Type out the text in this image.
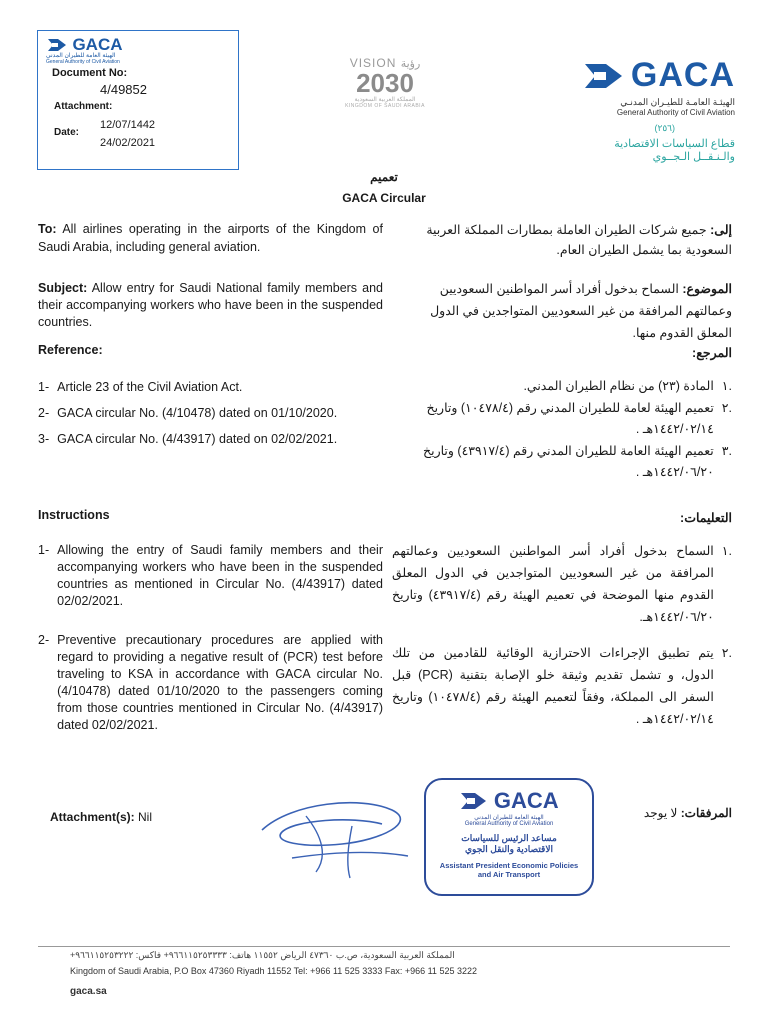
GACA
الهيئة العامة للطيران المدني
General Authority of Civil Aviation
Document No:
4/49852
Attachment:
Date:
12/07/1442
24/02/2021
VISION رؤية
2030
المملكة العربية السعودية
KINGDOM OF SAUDI ARABIA
GACA
الهيئـة العامـة للطيـران المدنـي
General Authority of Civil Aviation
(٢٥٦)
قطاع السياسات الاقتصادية
والـنـقــل الـجــوي
تعميم
GACA Circular
To: All airlines operating in the airports of the Kingdom of Saudi Arabia, including general aviation.
إلى: جميع شركات الطيران العاملة بمطارات المملكة العربية السعودية بما يشمل الطيران العام.
Subject: Allow entry for Saudi National family members and their accompanying workers who have been in the suspended countries.
الموضوع: السماح بدخول أفراد أسر المواطنين السعوديين وعمالتهم المرافقة من غير السعوديين المتواجدين في الدول المعلق القدوم منها.
Reference:	المرجع:
1- Article 23 of the Civil Aviation Act.
2- GACA circular No. (4/10478) dated on 01/10/2020.
3- GACA circular No. (4/43917) dated on 02/02/2021.
.١
المادة (٢٣) من نظام الطيران المدني.
.٢
تعميم الهيئة لعامة للطيران المدني رقم (١٠٤٧٨/٤) وتاريخ ١٤٤٢/٠٢/١٤هـ .
.٣
تعميم الهيئة العامة للطيران المدني رقم (٤٣٩١٧/٤) وتاريخ ١٤٤٢/٠٦/٢٠هـ .
Instructions	التعليمات:
1- Allowing the entry of Saudi family members and their accompanying workers who have been in the suspended countries as mentioned in Circular No. (4/43917) dated 02/02/2021.
2- Preventive precautionary procedures are applied with regard to providing a negative result of (PCR) test before traveling to KSA in accordance with GACA circular No. (4/10478) dated 01/10/2020 to the passengers coming from those countries mentioned in Circular No. (4/43917) dated 02/02/2021.
.١
السماح بدخول أفراد أسر المواطنين السعوديين وعمالتهم المرافقة من غير السعوديين المتواجدين في الدول المعلق القدوم منها الموضحة في تعميم الهيئة رقم (٤٣٩١٧/٤) وتاريخ ١٤٤٢/٠٦/٢٠هـ.
.٢
يتم تطبيق الإجراءات الاحترازية الوقائية للقادمين من تلك الدول، و تشمل تقديم وثيقة خلو الإصابة بتقنية (PCR) قبل السفر الى المملكة، وفقاً لتعميم الهيئة رقم (١٠٤٧٨/٤) وتاريخ ١٤٤٢/٠٢/١٤هـ .
Attachment(s): Nil	المرفقات: لا يوجد
GACA
الهيئة العامة للطيران المدني
General Authority of Civil Aviation
مساعد الرئيس للسياسات الاقتصادية والنقل الجوي
Assistant President Economic Policies
and Air Transport
المملكة العربية السعودية، ص.ب ٤٧٣٦٠ الرياض ١١٥٥٢ هاتف: ٩٦٦١١٥٢٥٣٣٣٣+ فاكس: ٩٦٦١١٥٢٥٣٢٢٢+
Kingdom of Saudi Arabia, P.O Box 47360 Riyadh 11552 Tel: +966 11 525 3333 Fax: +966 11 525 3222
gaca.sa
